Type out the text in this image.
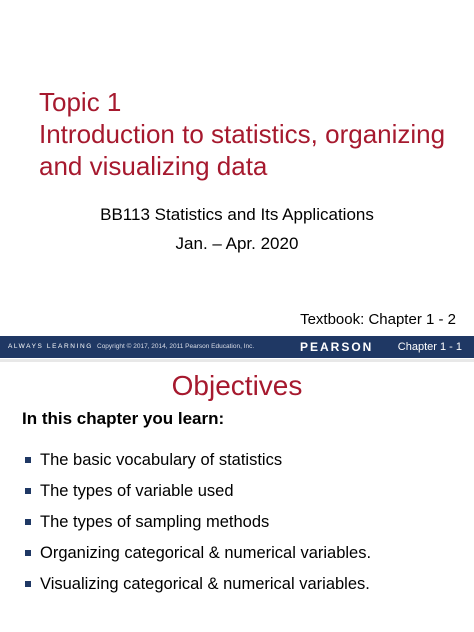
Topic 1
Introduction to statistics, organizing
and visualizing data
BB113 Statistics and Its Applications
Jan. – Apr. 2020
Textbook: Chapter 1 - 2
ALWAYS LEARNING Copyright © 2017, 2014, 2011 Pearson Education, Inc.	PEARSON Chapter 1 - 1
Objectives
In this chapter you learn:
The basic vocabulary of statistics
The types of variable used
The types of sampling methods
Organizing categorical & numerical variables.
Visualizing categorical & numerical variables.
